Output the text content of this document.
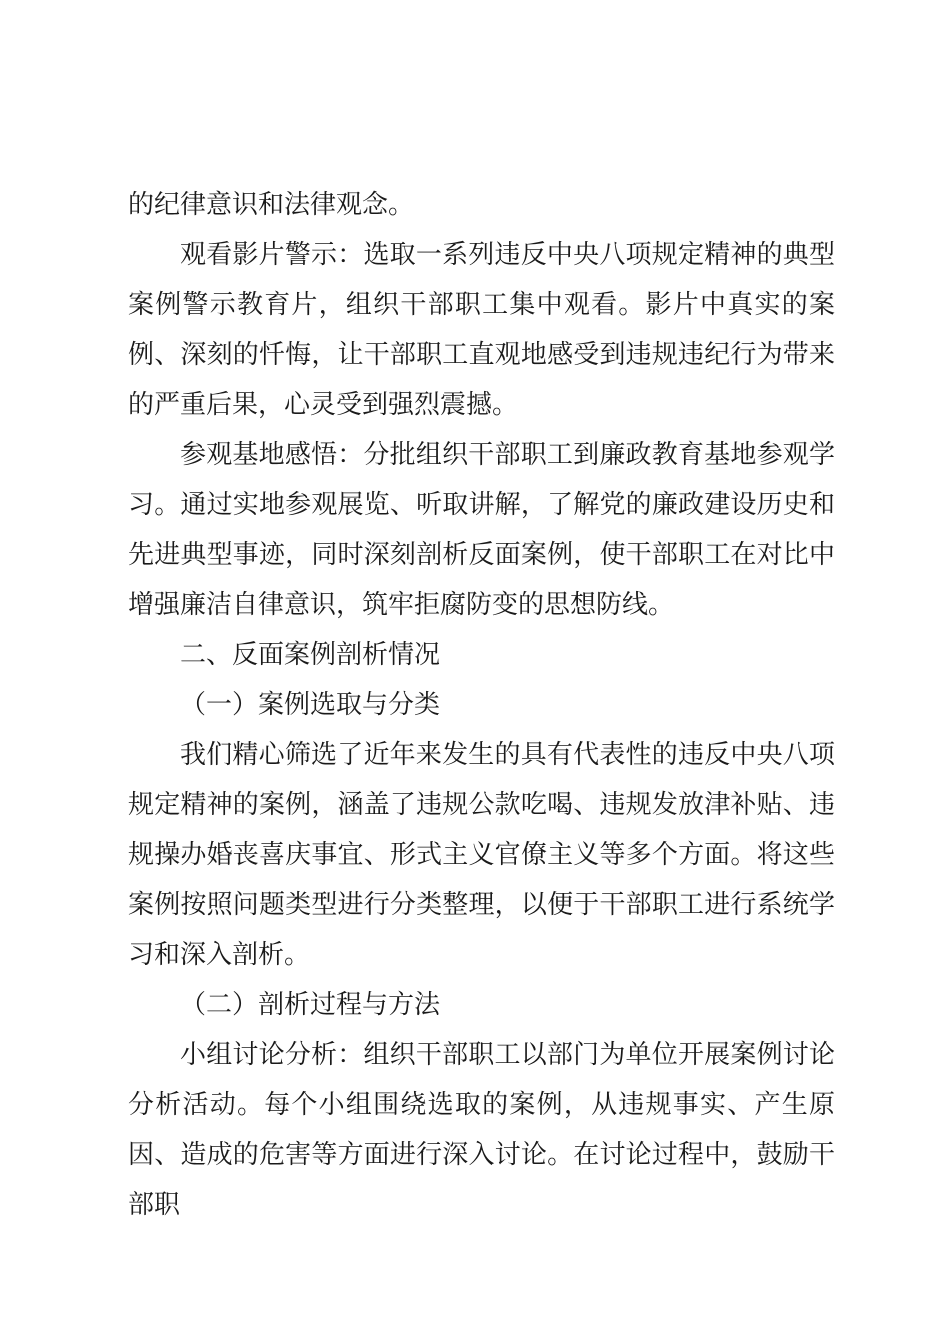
的纪律意识和法律观念。

观看影片警示：选取一系列违反中央八项规定精神的典型案例警示教育片，组织干部职工集中观看。影片中真实的案例、深刻的忏悔，让干部职工直观地感受到违规违纪行为带来的严重后果，心灵受到强烈震撼。

参观基地感悟：分批组织干部职工到廉政教育基地参观学习。通过实地参观展览、听取讲解，了解党的廉政建设历史和先进典型事迹，同时深刻剖析反面案例，使干部职工在对比中增强廉洁自律意识，筑牢拒腐防变的思想防线。

二、反面案例剖析情况

（一）案例选取与分类

我们精心筛选了近年来发生的具有代表性的违反中央八项规定精神的案例，涵盖了违规公款吃喝、违规发放津补贴、违规操办婚丧喜庆事宜、形式主义官僚主义等多个方面。将这些案例按照问题类型进行分类整理，以便于干部职工进行系统学习和深入剖析。

（二）剖析过程与方法

小组讨论分析：组织干部职工以部门为单位开展案例讨论分析活动。每个小组围绕选取的案例，从违规事实、产生原因、造成的危害等方面进行深入讨论。在讨论过程中，鼓励干部职
